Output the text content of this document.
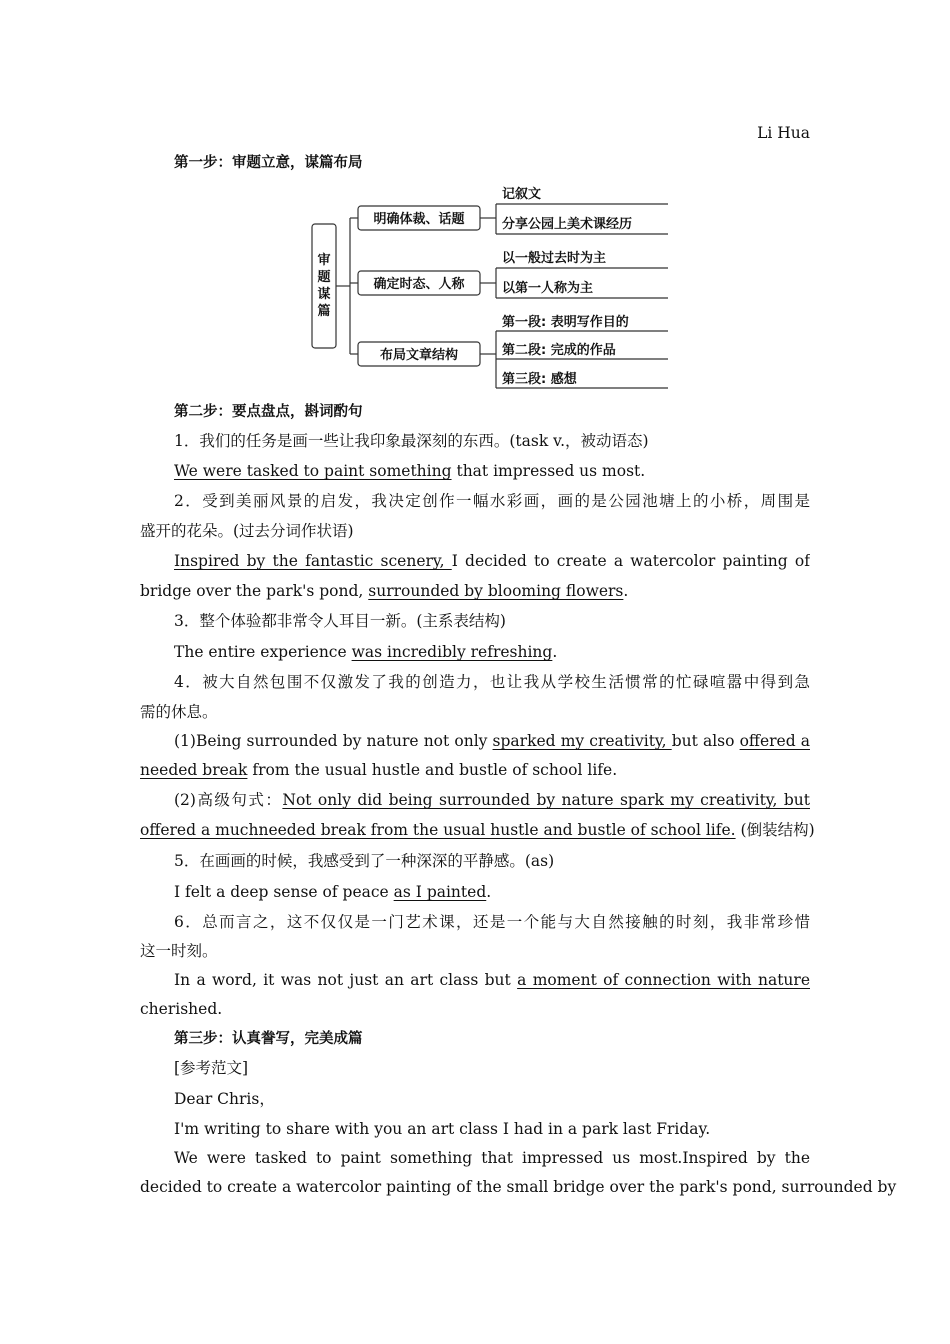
Li Hua
第一步：审题立意，谋篇布局
审
题
谋
篇
明确体裁、话题
确定时态、人称
布局文章结构
记叙文
分享公园上美术课经历
以一般过去时为主
以第一人称为主
第一段: 表明写作目的
第二段: 完成的作品
第三段: 感想
第二步：要点盘点，斟词酌句
1．我们的任务是画一些让我印象最深刻的东西。(task v.，被动语态)
We were tasked to paint something that impressed us most.
2．受到美丽风景的启发，我决定创作一幅水彩画，画的是公园池塘上的小桥，周围是
盛开的花朵。(过去分词作状语)
Inspired by the fantastic scenery, I decided to create a watercolor painting of
bridge over the park's pond, surrounded by blooming flowers.
3．整个体验都非常令人耳目一新。(主系表结构)
The entire experience was incredibly refreshing.
4．被大自然包围不仅激发了我的创造力，也让我从学校生活惯常的忙碌喧嚣中得到急
需的休息。
(1)Being surrounded by nature not only sparked my creativity, but also offered a
needed break from the usual hustle and bustle of school life.
(2)高级句式：Not only did being surrounded by nature spark my creativity, but
offered a muchneeded break from the usual hustle and bustle of school life. (倒装结构)
5．在画画的时候，我感受到了一种深深的平静感。(as)
I felt a deep sense of peace as I painted.
6．总而言之，这不仅仅是一门艺术课，还是一个能与大自然接触的时刻，我非常珍惜
这一时刻。
In a word, it was not just an art class but a moment of connection with nature
cherished.
第三步：认真誊写，完美成篇
[参考范文]
Dear Chris，
I'm writing to share with you an art class I had in a park last Friday.
We were tasked to paint something that impressed us most.Inspired by the
decided to create a watercolor painting of the small bridge over the park's pond, surrounded by
